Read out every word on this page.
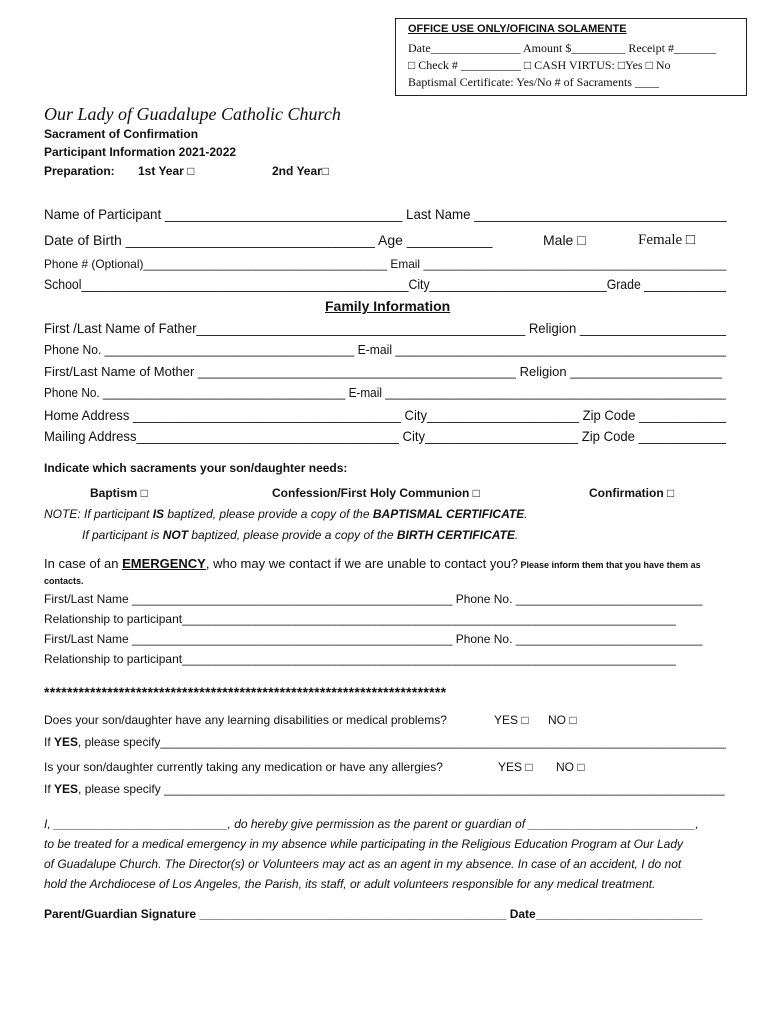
OFFICE USE ONLY/OFICINA SOLAMENTE
Date_______________ Amount $_________ Receipt #_______
□ Check # __________ □ CASH VIRTUS: □Yes □ No
Baptismal Certificate: Yes/No # of Sacraments ____
Our Lady of Guadalupe Catholic Church
Sacrament of Confirmation
Participant Information 2021-2022
Preparation: 1st Year □	2nd Year□
Name of Participant ________________________________ Last Name __________________________________
Date of Birth ________________________________ Age ___________	Male □	Female □
Phone # (Optional)_____________________________________ Email ______________________________________________
School________________________________________________City__________________________Grade ____________
Family Information
First /Last Name of Father_____________________________________________ Religion ____________________
Phone No. _____________________________________ E-mail _________________________________________________
First/Last Name of Mother ____________________________________________ Religion _____________________
Phone No. _____________________________________ E-mail ____________________________________________________
Home Address _____________________________________ City_____________________ Zip Code ____________
Mailing Address____________________________________ City_____________________ Zip Code ____________
Indicate which sacraments your son/daughter needs:
Baptism □	Confession/First Holy Communion □	Confirmation □
NOTE: If participant IS baptized, please provide a copy of the BAPTISMAL CERTIFICATE.
If participant is NOT baptized, please provide a copy of the BIRTH CERTIFICATE.
In case of an EMERGENCY, who may we contact if we are unable to contact you? Please inform them that you have them as
contacts.
First/Last Name ________________________________________________ Phone No. ____________________________
Relationship to participant__________________________________________________________________________
First/Last Name ________________________________________________ Phone No. ____________________________
Relationship to participant__________________________________________________________________________
**********************************************************************
Does your son/daughter have any learning disabilities or medical problems?	YES □ NO □
If YES, please specify_____________________________________________________________________________________
Is your son/daughter currently taking any medication or have any allergies?	YES □ NO □
If YES, please specify ____________________________________________________________________________________
I, __________________________, do hereby give permission as the parent or guardian of _________________________,
to be treated for a medical emergency in my absence while participating in the Religious Education Program at Our Lady
of Guadalupe Church. The Director(s) or Volunteers may act as an agent in my absence. In case of an accident, I do not
hold the Archdiocese of Los Angeles, the Parish, its staff, or adult volunteers responsible for any medical treatment.
Parent/Guardian Signature ______________________________________________ Date_________________________
